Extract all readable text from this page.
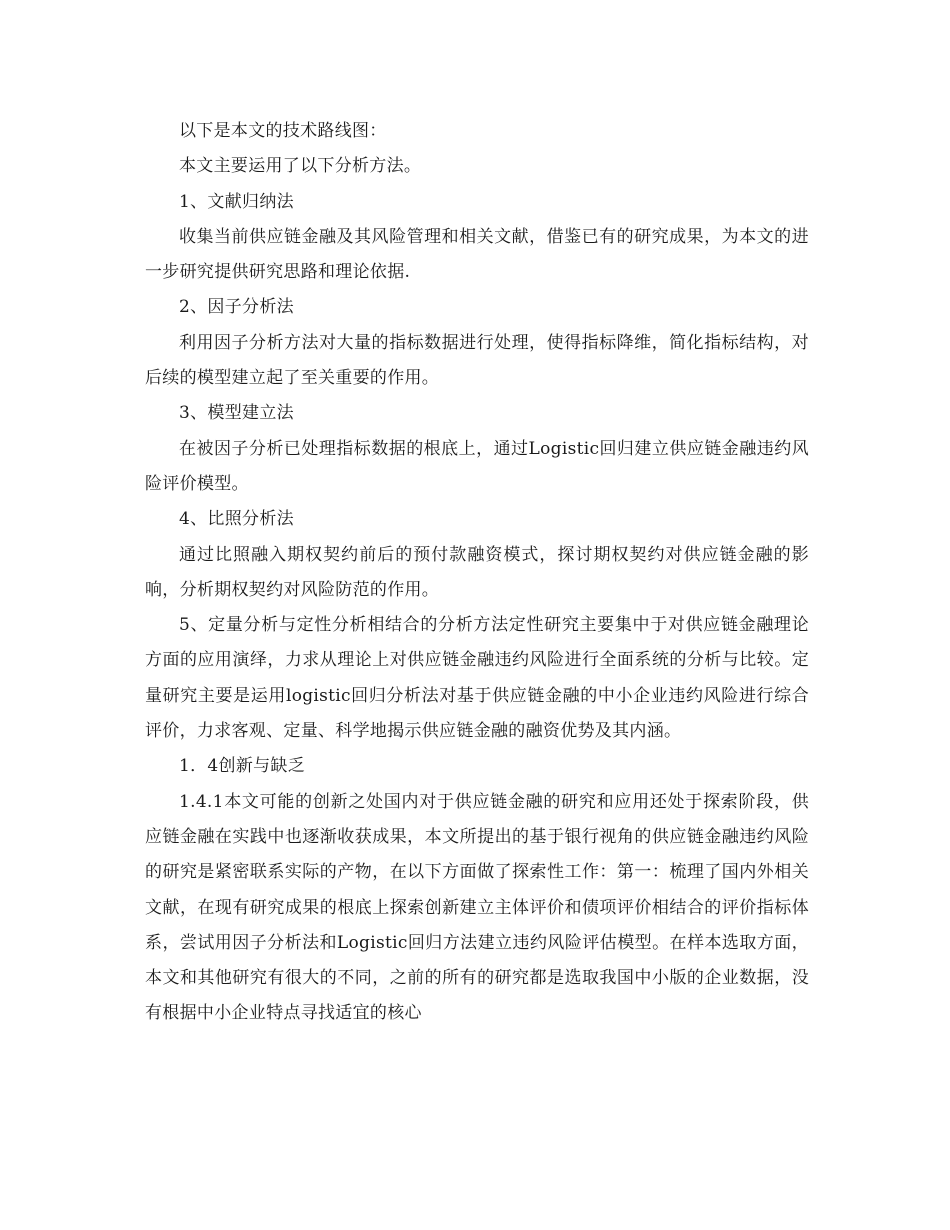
以下是本文的技术路线图：

本文主要运用了以下分析方法。

1、文献归纳法

收集当前供应链金融及其风险管理和相关文献，借鉴已有的研究成果，为本文的进一步研究提供研究思路和理论依据.

2、因子分析法

利用因子分析方法对大量的指标数据进行处理，使得指标降维，简化指标结构，对后续的模型建立起了至关重要的作用。

3、模型建立法

在被因子分析已处理指标数据的根底上，通过Logistic回归建立供应链金融违约风险评价模型。

4、比照分析法

通过比照融入期权契约前后的预付款融资模式，探讨期权契约对供应链金融的影响，分析期权契约对风险防范的作用。

5、定量分析与定性分析相结合的分析方法定性研究主要集中于对供应链金融理论方面的应用演绎，力求从理论上对供应链金融违约风险进行全面系统的分析与比较。定量研究主要是运用logistic回归分析法对基于供应链金融的中小企业违约风险进行综合评价，力求客观、定量、科学地揭示供应链金融的融资优势及其内涵。

1．4创新与缺乏

1.4.1本文可能的创新之处国内对于供应链金融的研究和应用还处于探索阶段，供应链金融在实践中也逐渐收获成果，本文所提出的基于银行视角的供应链金融违约风险的研究是紧密联系实际的产物，在以下方面做了探索性工作：第一：梳理了国内外相关文献，在现有研究成果的根底上探索创新建立主体评价和债项评价相结合的评价指标体系，尝试用因子分析法和Logistic回归方法建立违约风险评估模型。在样本选取方面，本文和其他研究有很大的不同，之前的所有的研究都是选取我国中小版的企业数据，没有根据中小企业特点寻找适宜的核心
